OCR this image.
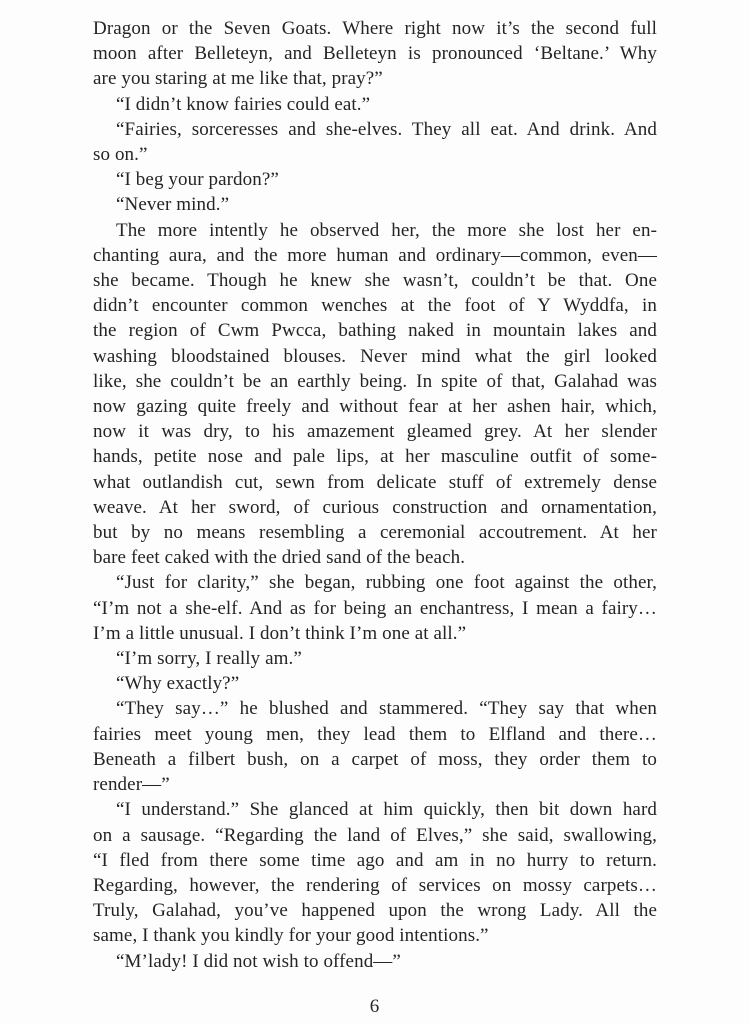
Dragon or the Seven Goats. Where right now it’s the second full
moon after Belleteyn, and Belleteyn is pronounced ‘Beltane.’ Why
are you staring at me like that, pray?”
“I didn’t know fairies could eat.”
“Fairies, sorceresses and she-elves. They all eat. And drink. And
so on.”
“I beg your pardon?”
“Never mind.”
The more intently he observed her, the more she lost her en-
chanting aura, and the more human and ordinary—common, even—
she became. Though he knew she wasn’t, couldn’t be that. One
didn’t encounter common wenches at the foot of Y Wyddfa, in
the region of Cwm Pwcca, bathing naked in mountain lakes and
washing bloodstained blouses. Never mind what the girl looked
like, she couldn’t be an earthly being. In spite of that, Galahad was
now gazing quite freely and without fear at her ashen hair, which,
now it was dry, to his amazement gleamed grey. At her slender
hands, petite nose and pale lips, at her masculine outfit of some-
what outlandish cut, sewn from delicate stuff of extremely dense
weave. At her sword, of curious construction and ornamentation,
but by no means resembling a ceremonial accoutrement. At her
bare feet caked with the dried sand of the beach.
“Just for clarity,” she began, rubbing one foot against the other,
“I’m not a she-elf. And as for being an enchantress, I mean a fairy…
I’m a little unusual. I don’t think I’m one at all.”
“I’m sorry, I really am.”
“Why exactly?”
“They say…” he blushed and stammered. “They say that when
fairies meet young men, they lead them to Elfland and there…
Beneath a filbert bush, on a carpet of moss, they order them to
render—”
“I understand.” She glanced at him quickly, then bit down hard
on a sausage. “Regarding the land of Elves,” she said, swallowing,
“I fled from there some time ago and am in no hurry to return.
Regarding, however, the rendering of services on mossy carpets…
Truly, Galahad, you’ve happened upon the wrong Lady. All the
same, I thank you kindly for your good intentions.”
“M’lady! I did not wish to offend—”
6
